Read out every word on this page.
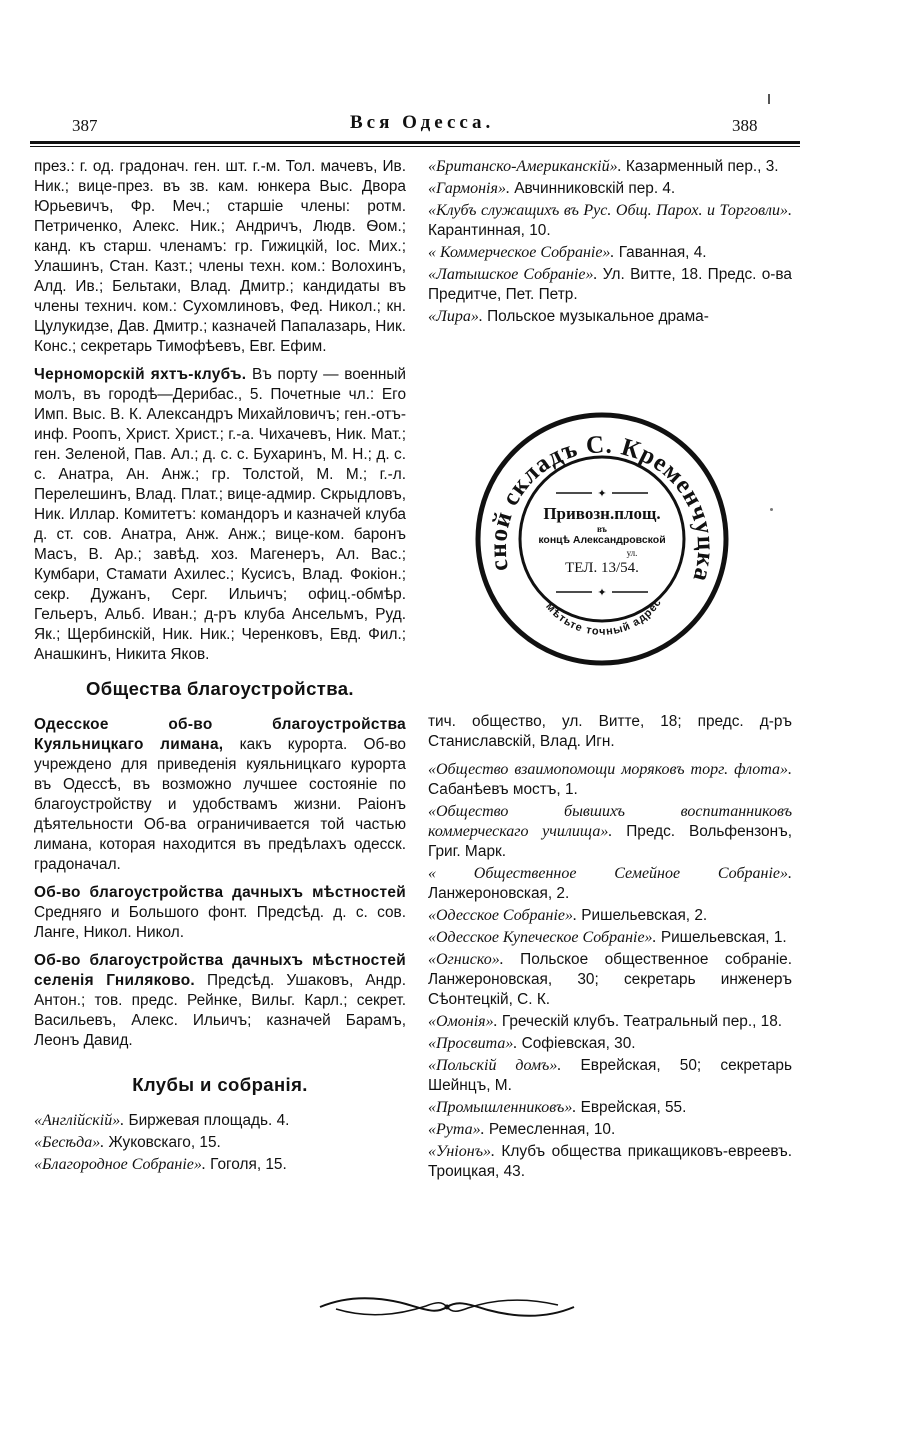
387	Вся Одесса.	388

през.: г. од. градонач. ген. шт. г.-м. Тол. мачевъ, Ив. Ник.; вице-през. въ зв. кам. юнкера Выс. Двора Юрьевичъ, Фр. Меч.; старшіе члены: ротм. Петриченко, Алекс. Ник.; Андричъ, Людв. Ѳом.; канд. къ старш. членамъ: гр. Гижицкій, Іос. Мих.; Улашинъ, Стан. Казт.; члены техн. ком.: Волохинъ, Алд. Ив.; Бельтаки, Влад. Дмитр.; кандидаты въ члены технич. ком.: Сухомлиновъ, Фед. Никол.; кн. Цулукидзе, Дав. Дмитр.; казначей Папалазарь, Ник. Конс.; секретарь Тимофѣевъ, Евг. Ефим.

Черноморскій яхтъ-клубъ. Въ порту — военный молъ, въ городѣ—Дерибас., 5. Почетные чл.: Его Имп. Выс. В. К. Александръ Михайловичъ; ген.-отъ-инф. Роопъ, Христ. Христ.; г.-а. Чихачевъ, Ник. Мат.; ген. Зеленой, Пав. Ал.; д. с. с. Бухаринъ, М. Н.; д. с. с. Анатра, Ан. Анж.; гр. Толстой, М. М.; г.-л. Перелешинъ, Влад. Плат.; вице-адмир. Скрыдловъ, Ник. Иллар. Комитетъ: командоръ и казначей клуба д. ст. сов. Анатра, Анж. Анж.; вице-ком. баронъ Масъ, В. Ар.; завѣд. хоз. Магенеръ, Ал. Вас.; Кумбари, Стамати Ахилес.; Кусисъ, Влад. Фокіон.; секр. Дужанъ, Серг. Ильичъ; офиц.-обмѣр. Гельеръ, Альб. Иван.; д-ръ клуба Ансельмъ, Руд. Як.; Щербинскій, Ник. Ник.; Черенковъ, Евд. Фил.; Анашкинъ, Никита Яков.

Общества благоустройства.

Одесское об-во благоустройства Куяльницкаго лимана, какъ курорта. Об-во учреждено для приведенія куяльницкаго курорта въ Одессѣ, въ возможно лучшее состояніе по благоустройству и удобствамъ жизни. Раіонъ дѣятельности Об-ва ограничивается той частью лимана, которая находится въ предѣлахъ одесск. градоначал.

Об-во благоустройства дачныхъ мѣстностей Средняго и Большого фонт. Предсѣд. д. с. сов. Ланге, Никол. Никол.

Об-во благоустройства дачныхъ мѣстностей селенія Гниляково. Предсѣд. Ушаковъ, Андр. Антон.; тов. предс. Рейнке, Вильг. Карл.; секрет. Васильевъ, Алекс. Ильичъ; казначей Барамъ, Леонъ Давид.

Клубы и собранія.

«Англійскій». Биржевая площадь. 4.

«Бесѣда». Жуковскаго, 15.

«Благородное Собраніе». Гоголя, 15.

«Британско-Американскій». Казарменный пер., 3.

«Гармонія». Авчинниковскій пер. 4.

«Клубъ служащихъ въ Рус. Общ. Парох. и Торговли». Карантинная, 10.

« Коммерческое Собраніе». Гаванная, 4.

«Латышское Собраніе». Ул. Витте, 18. Предс. о-ва Предитче, Пет. Петр.

«Лира». Польское музыкальное драма-

сной складъ С. Кременчуцка
мѣтьте точный адрес
✦
✦
Привозн.площ.
въ
концѣ Александровской
ул.
ТЕЛ. 13/54.

тич. общество, ул. Витте, 18; предс. д-ръ Станиславскій, Влад. Игн.

«Общество взаимопомощи моряковъ торг. флота». Сабанѣевъ мостъ, 1.

«Общество бывшихъ воспитанниковъ коммерческаго училища». Предс. Вольфензонъ, Григ. Марк.

« Общественное Семейное Собраніе». Ланжероновская, 2.

«Одесское Собраніе». Ришельевская, 2.

«Одесское Купеческое Собраніе». Ришельевская, 1.

«Огниско». Польское общественное собраніе. Ланжероновская, 30; секретарь инженеръ Сѣонтецкій, С. К.

«Омонія». Греческій клубъ. Театральный пер., 18.

«Просвита». Софіевская, 30.

«Польскій домъ». Еврейская, 50; секретарь Шейнцъ, М.

«Промышленниковъ». Еврейская, 55.

«Рута». Ремесленная, 10.

«Уніонъ». Клубъ общества прикащиковъ-евреевъ. Троицкая, 43.
